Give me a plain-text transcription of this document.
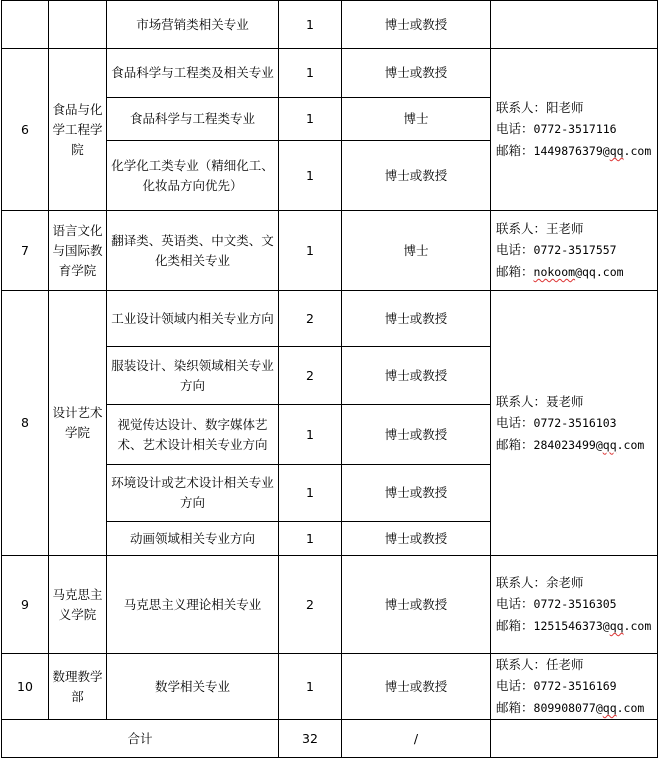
		市场营销类相关专业	1	博士或教授	
6	食品与化学工程学院	食品科学与工程类及相关专业	1	博士或教授	联系人：阳老师
电话：0772-3517116
邮箱：1449876379@qq.com

		食品科学与工程类专业	1	博士	
		化学化工类专业（精细化工、化妆品方向优先）	1	博士或教授	
7	语言文化与国际教育学院	翻译类、英语类、中文类、文化类相关专业	1	博士	联系人：王老师
电话：0772-3517557
邮箱：nokoom@qq.com

8	设计艺术学院	工业设计领域内相关专业方向	2	博士或教授	联系人：聂老师
电话：0772-3516103
邮箱：284023499@qq.com

		服装设计、染织领域相关专业方向	2	博士或教授	
		视觉传达设计、数字媒体艺术、艺术设计相关专业方向	1	博士或教授	
		环境设计或艺术设计相关专业方向	1	博士或教授	
		动画领域相关专业方向	1	博士或教授	
9	马克思主义学院	马克思主义理论相关专业	2	博士或教授	联系人：余老师
电话：0772-3516305
邮箱：1251546373@qq.com

10	数理教学部	数学相关专业	1	博士或教授	联系人：任老师
电话：0772-3516169
邮箱：809908077@qq.com

合计			32	/	
